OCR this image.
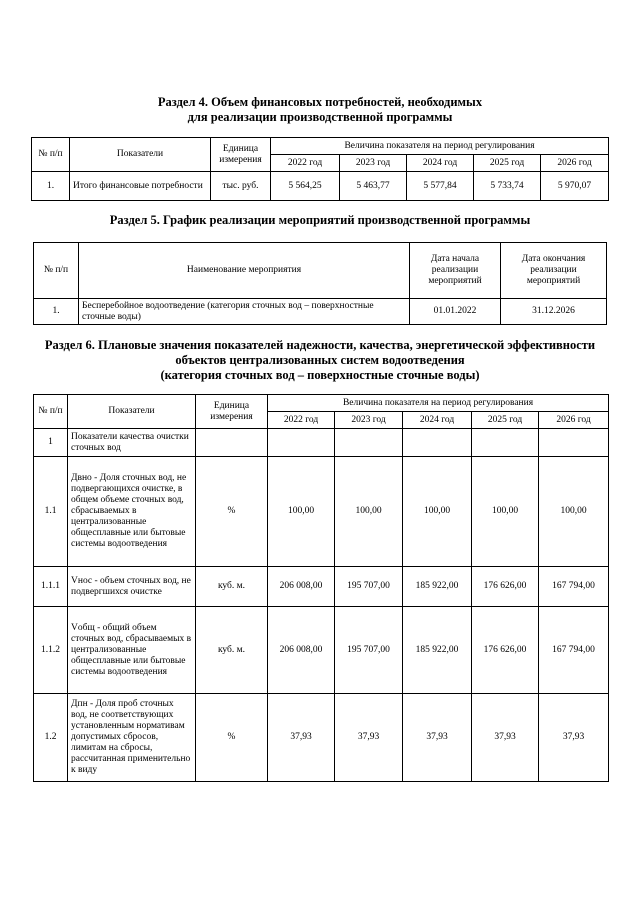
Раздел 4. Объем финансовых потребностей, необходимых
для реализации производственной программы
№ п/п	Показатели	Единица измерения	Величина показателя на период регулирования				
			2022 год	2023 год	2024 год	2025 год	2026 год
1.	Итого финансовые потребности	тыс. руб.	5 564,25	5 463,77	5 577,84	5 733,74	5 970,07
Раздел 5. График реализации мероприятий производственной программы
№ п/п	Наименование мероприятия	Дата начала реализации мероприятий	Дата окончания реализации мероприятий
1.	Бесперебойное водоотведение (категория сточных вод – поверхностные сточные воды)	01.01.2022	31.12.2026
Раздел 6. Плановые значения показателей надежности, качества, энергетической эффективности
объектов централизованных систем водоотведения
(категория сточных вод – поверхностные сточные воды)
№ п/п	Показатели	Единица измерения	Величина показателя на период регулирования				
			2022 год	2023 год	2024 год	2025 год	2026 год
1	Показатели качества очистки сточных вод						
1.1	Двно - Доля сточных вод, не подвергающихся очистке, в общем объеме сточных вод, сбрасываемых в централизованные общесплавные или бытовые системы водоотведения	%	100,00	100,00	100,00	100,00	100,00
1.1.1	Vнос - объем сточных вод, не подвергшихся очистке	куб. м.	206 008,00	195 707,00	185 922,00	176 626,00	167 794,00
1.1.2	Vобщ - общий объем сточных вод, сбрасываемых в централизованные общесплавные или бытовые системы водоотведения	куб. м.	206 008,00	195 707,00	185 922,00	176 626,00	167 794,00
1.2	Дпн - Доля проб сточных вод, не соответствующих установленным нормативам допустимых сбросов, лимитам на сбросы, рассчитанная применительно к виду	%	37,93	37,93	37,93	37,93	37,93
